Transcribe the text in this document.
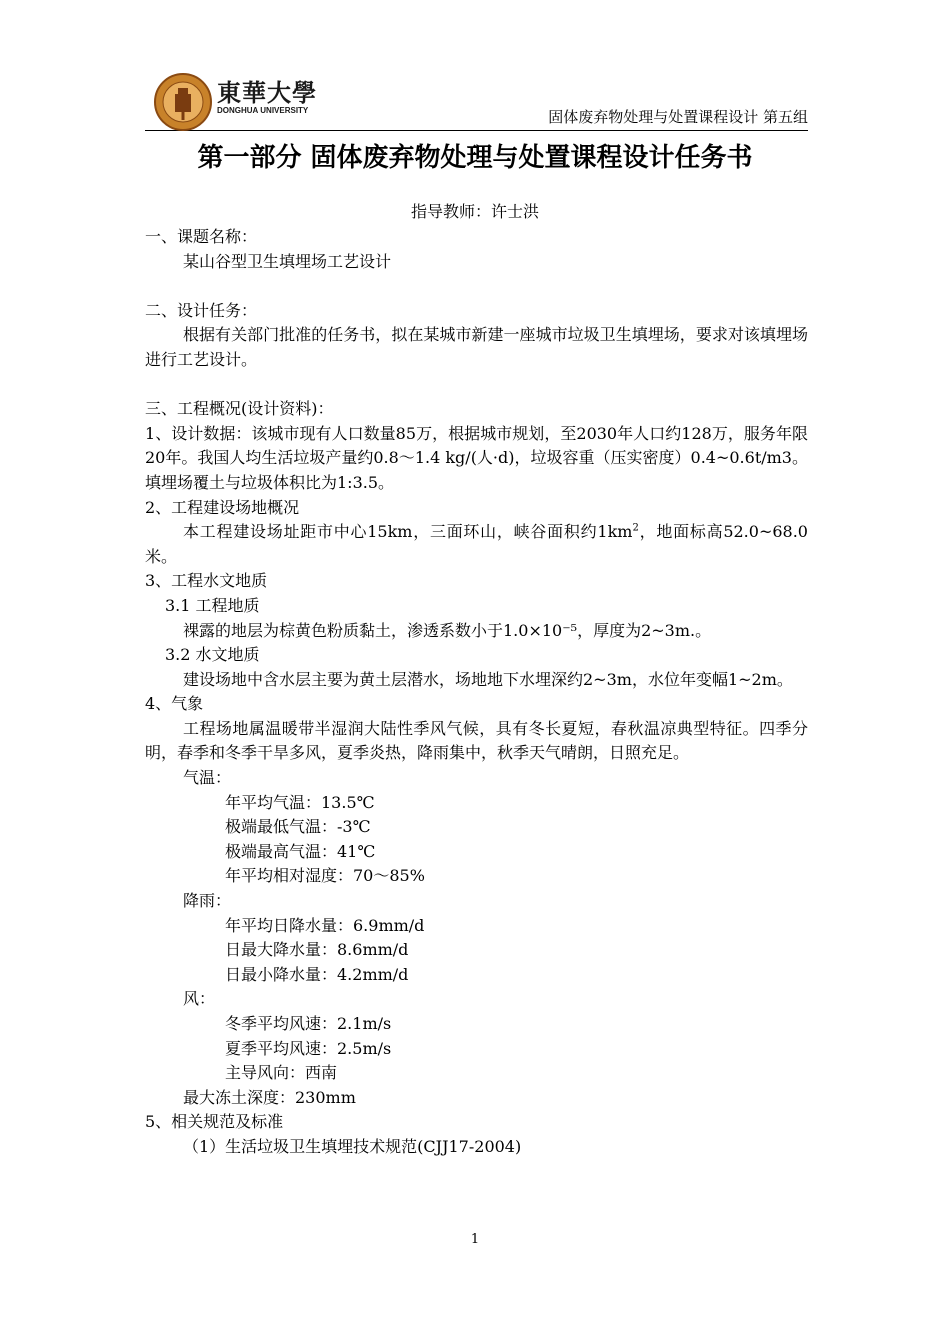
東華大學
DONGHUA UNIVERSITY	固体废弃物处理与处置课程设计 第五组
第一部分 固体废弃物处理与处置课程设计任务书
指导教师：许士洪
一、课题名称：
某山谷型卫生填埋场工艺设计
二、设计任务：
根据有关部门批准的任务书，拟在某城市新建一座城市垃圾卫生填埋场，要求对该填埋场进行工艺设计。
三、工程概况(设计资料)：
1、设计数据：该城市现有人口数量85万，根据城市规划，至2030年人口约128万，服务年限20年。我国人均生活垃圾产量约0.8～1.4 kg/(人·d)，垃圾容重（压实密度）0.4~0.6t/m3。填埋场覆土与垃圾体积比为1:3.5。
2、工程建设场地概况
本工程建设场址距市中心15km，三面环山，峡谷面积约$1km^2$，地面标高52.0~68.0米。
3、工程水文地质
3.1 工程地质
裸露的地层为棕黄色粉质黏土，渗透系数小于1.0×10⁻⁵，厚度为2~3m.。
3.2 水文地质
建设场地中含水层主要为黄土层潜水，场地地下水埋深约2~3m，水位年变幅1~2m。
4、气象
工程场地属温暖带半湿润大陆性季风气候，具有冬长夏短，春秋温凉典型特征。四季分明，春季和冬季干旱多风，夏季炎热，降雨集中，秋季天气晴朗，日照充足。
气温：
年平均气温：13.5℃
极端最低气温：-3℃
极端最高气温：41℃
年平均相对湿度：70～85%
降雨：
年平均日降水量：6.9mm/d
日最大降水量：8.6mm/d
日最小降水量：4.2mm/d
风：
冬季平均风速：2.1m/s
夏季平均风速：2.5m/s
主导风向：西南
最大冻土深度：230mm
5、相关规范及标准
（1）生活垃圾卫生填埋技术规范(CJJ17-2004)
1
